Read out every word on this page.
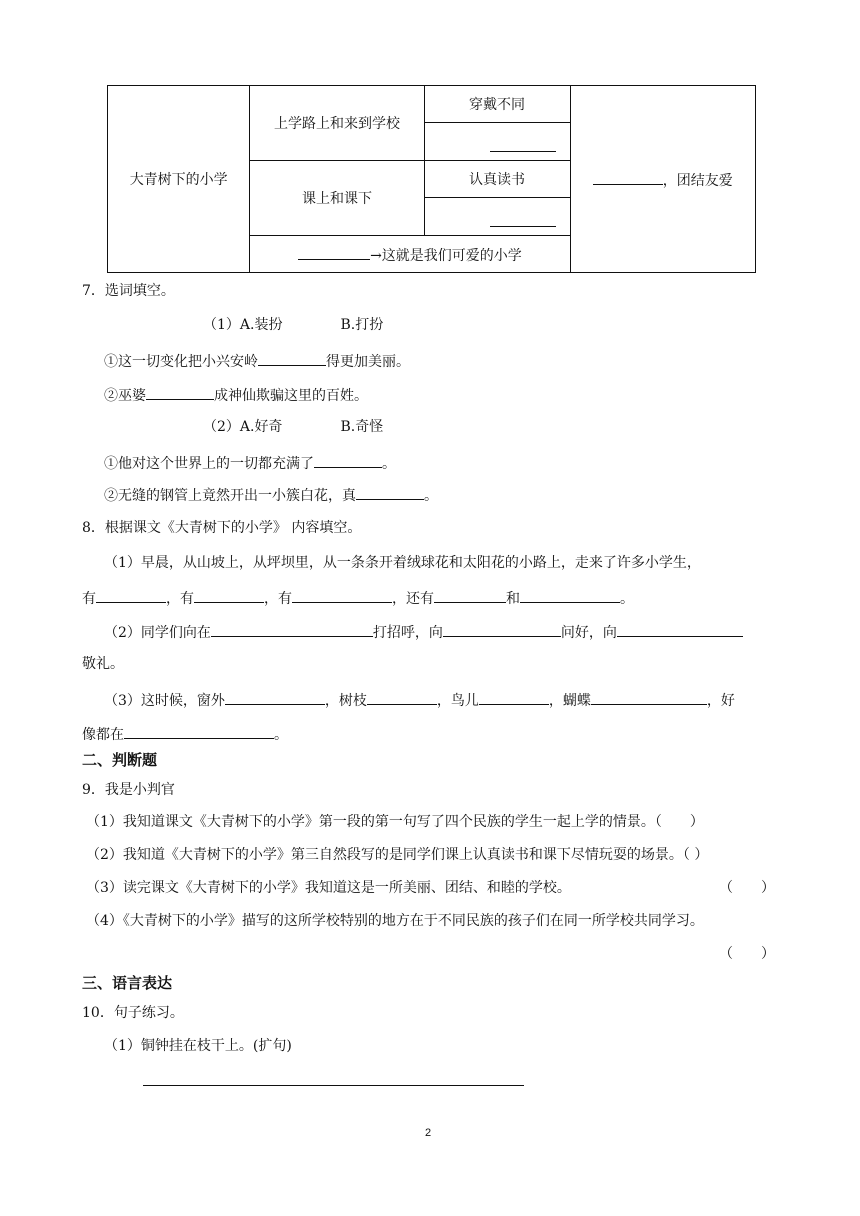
大青树下的小学	上学路上和来到学校	穿戴不同	，团结友爱

	课上和课下	认真读书	

	→这就是我们可爱的小学		
7．选词填空。
（1）A.装扮	B.打扮
①这一切变化把小兴安岭	得更加美丽。
②巫婆	成神仙欺骗这里的百姓。
（2）A.好奇	B.奇怪
①他对这个世界上的一切都充满了	。
②无缝的钢管上竟然开出一小簇白花，真	。
8．根据课文《大青树下的小学》 内容填空。
（1）早晨，从山坡上，从坪坝里，从一条条开着绒球花和太阳花的小路上，走来了许多小学生，
有	，有	，有	，还有	和	。
（2）同学们向在	打招呼，向	问好，向
敬礼。
（3）这时候，窗外	，树枝	，鸟儿	，蝴蝶	，好
像都在	。
二、判断题
9．我是小判官
（1）我知道课文《大青树下的小学》第一段的第一句写了四个民族的学生一起上学的情景。（　　）
（2）我知道《大青树下的小学》第三自然段写的是同学们课上认真读书和课下尽情玩耍的场景。（ ）
（3）读完课文《大青树下的小学》我知道这是一所美丽、团结、和睦的学校。	（　　）
（4）《大青树下的小学》描写的这所学校特别的地方在于不同民族的孩子们在同一所学校共同学习。
（　　）
三、语言表达
10．句子练习。
（1）铜钟挂在枝干上。(扩句)
2
